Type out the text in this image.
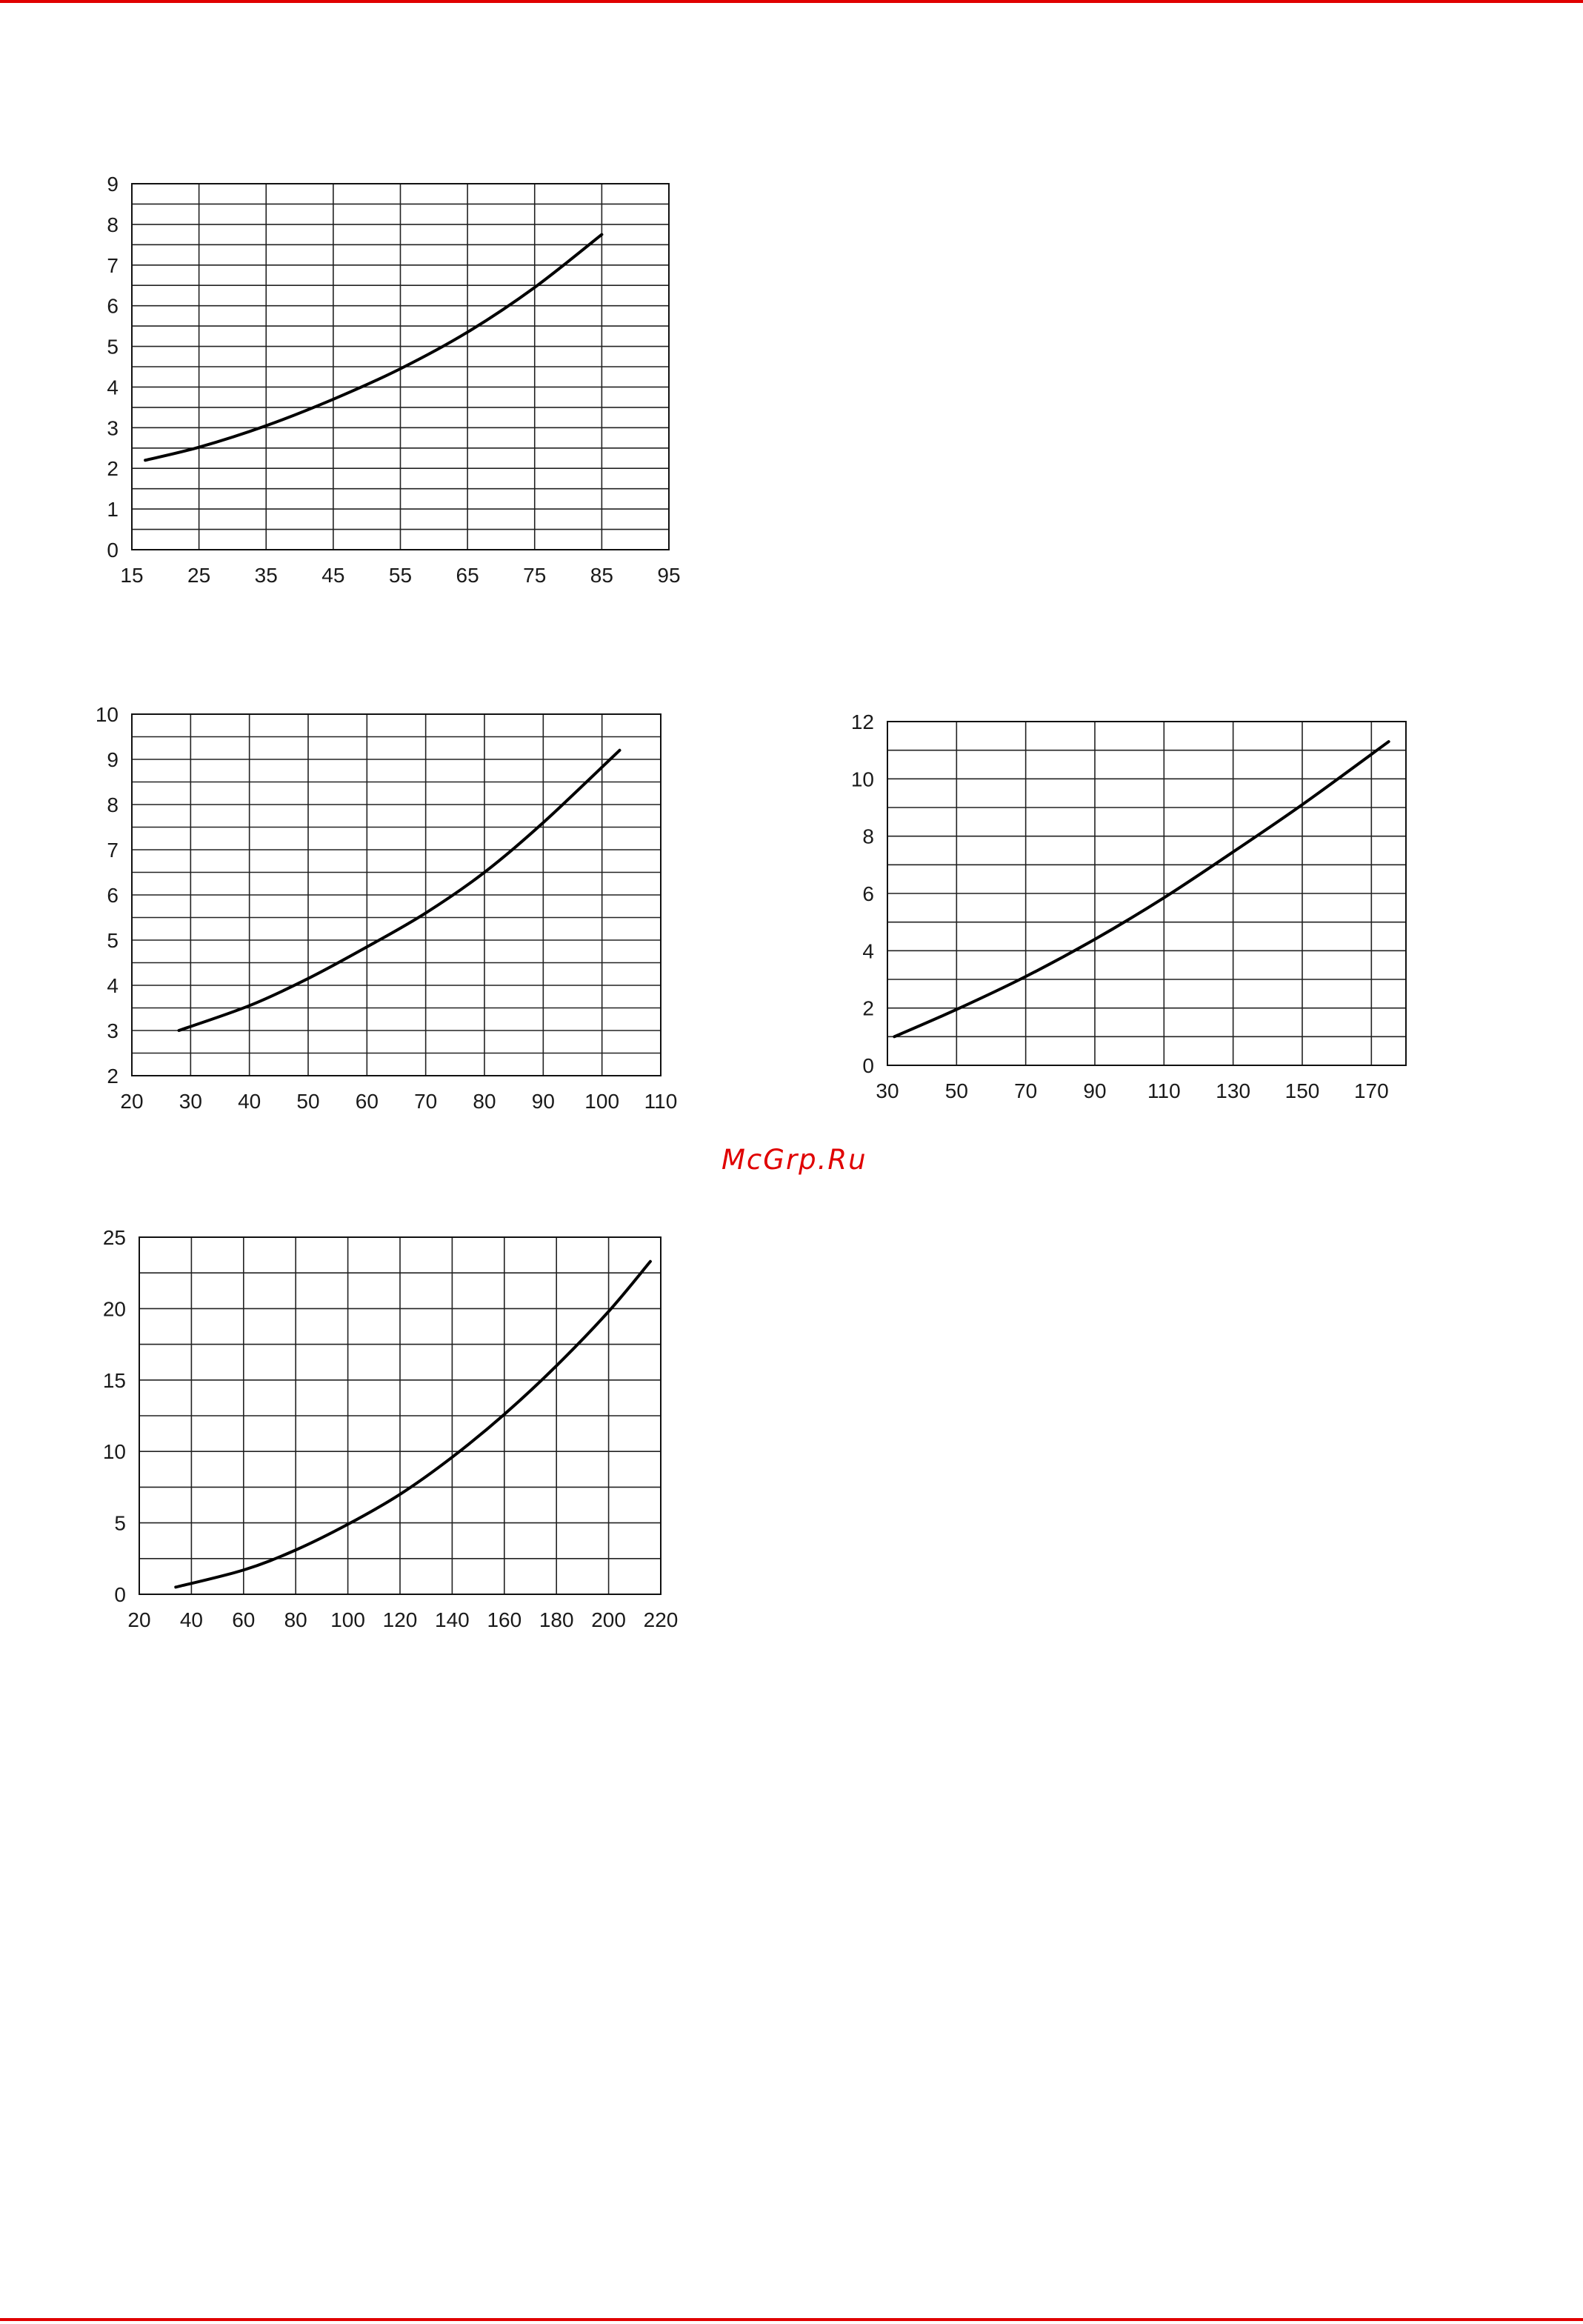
15 25 35 45 55 65 75 85 95
0
1
2
3
4
5
6
7
8
9
20 30 40 50 60 70 80 90 100 110
2
3
4
5
6
7
8
9
10
30 50 70 90 110 130 150 170
0
2
4
6
8
10
12
20 40 60 80 100 120 140 160 180 200 220
0
5
10
15
20
25
McGrp.Ru
